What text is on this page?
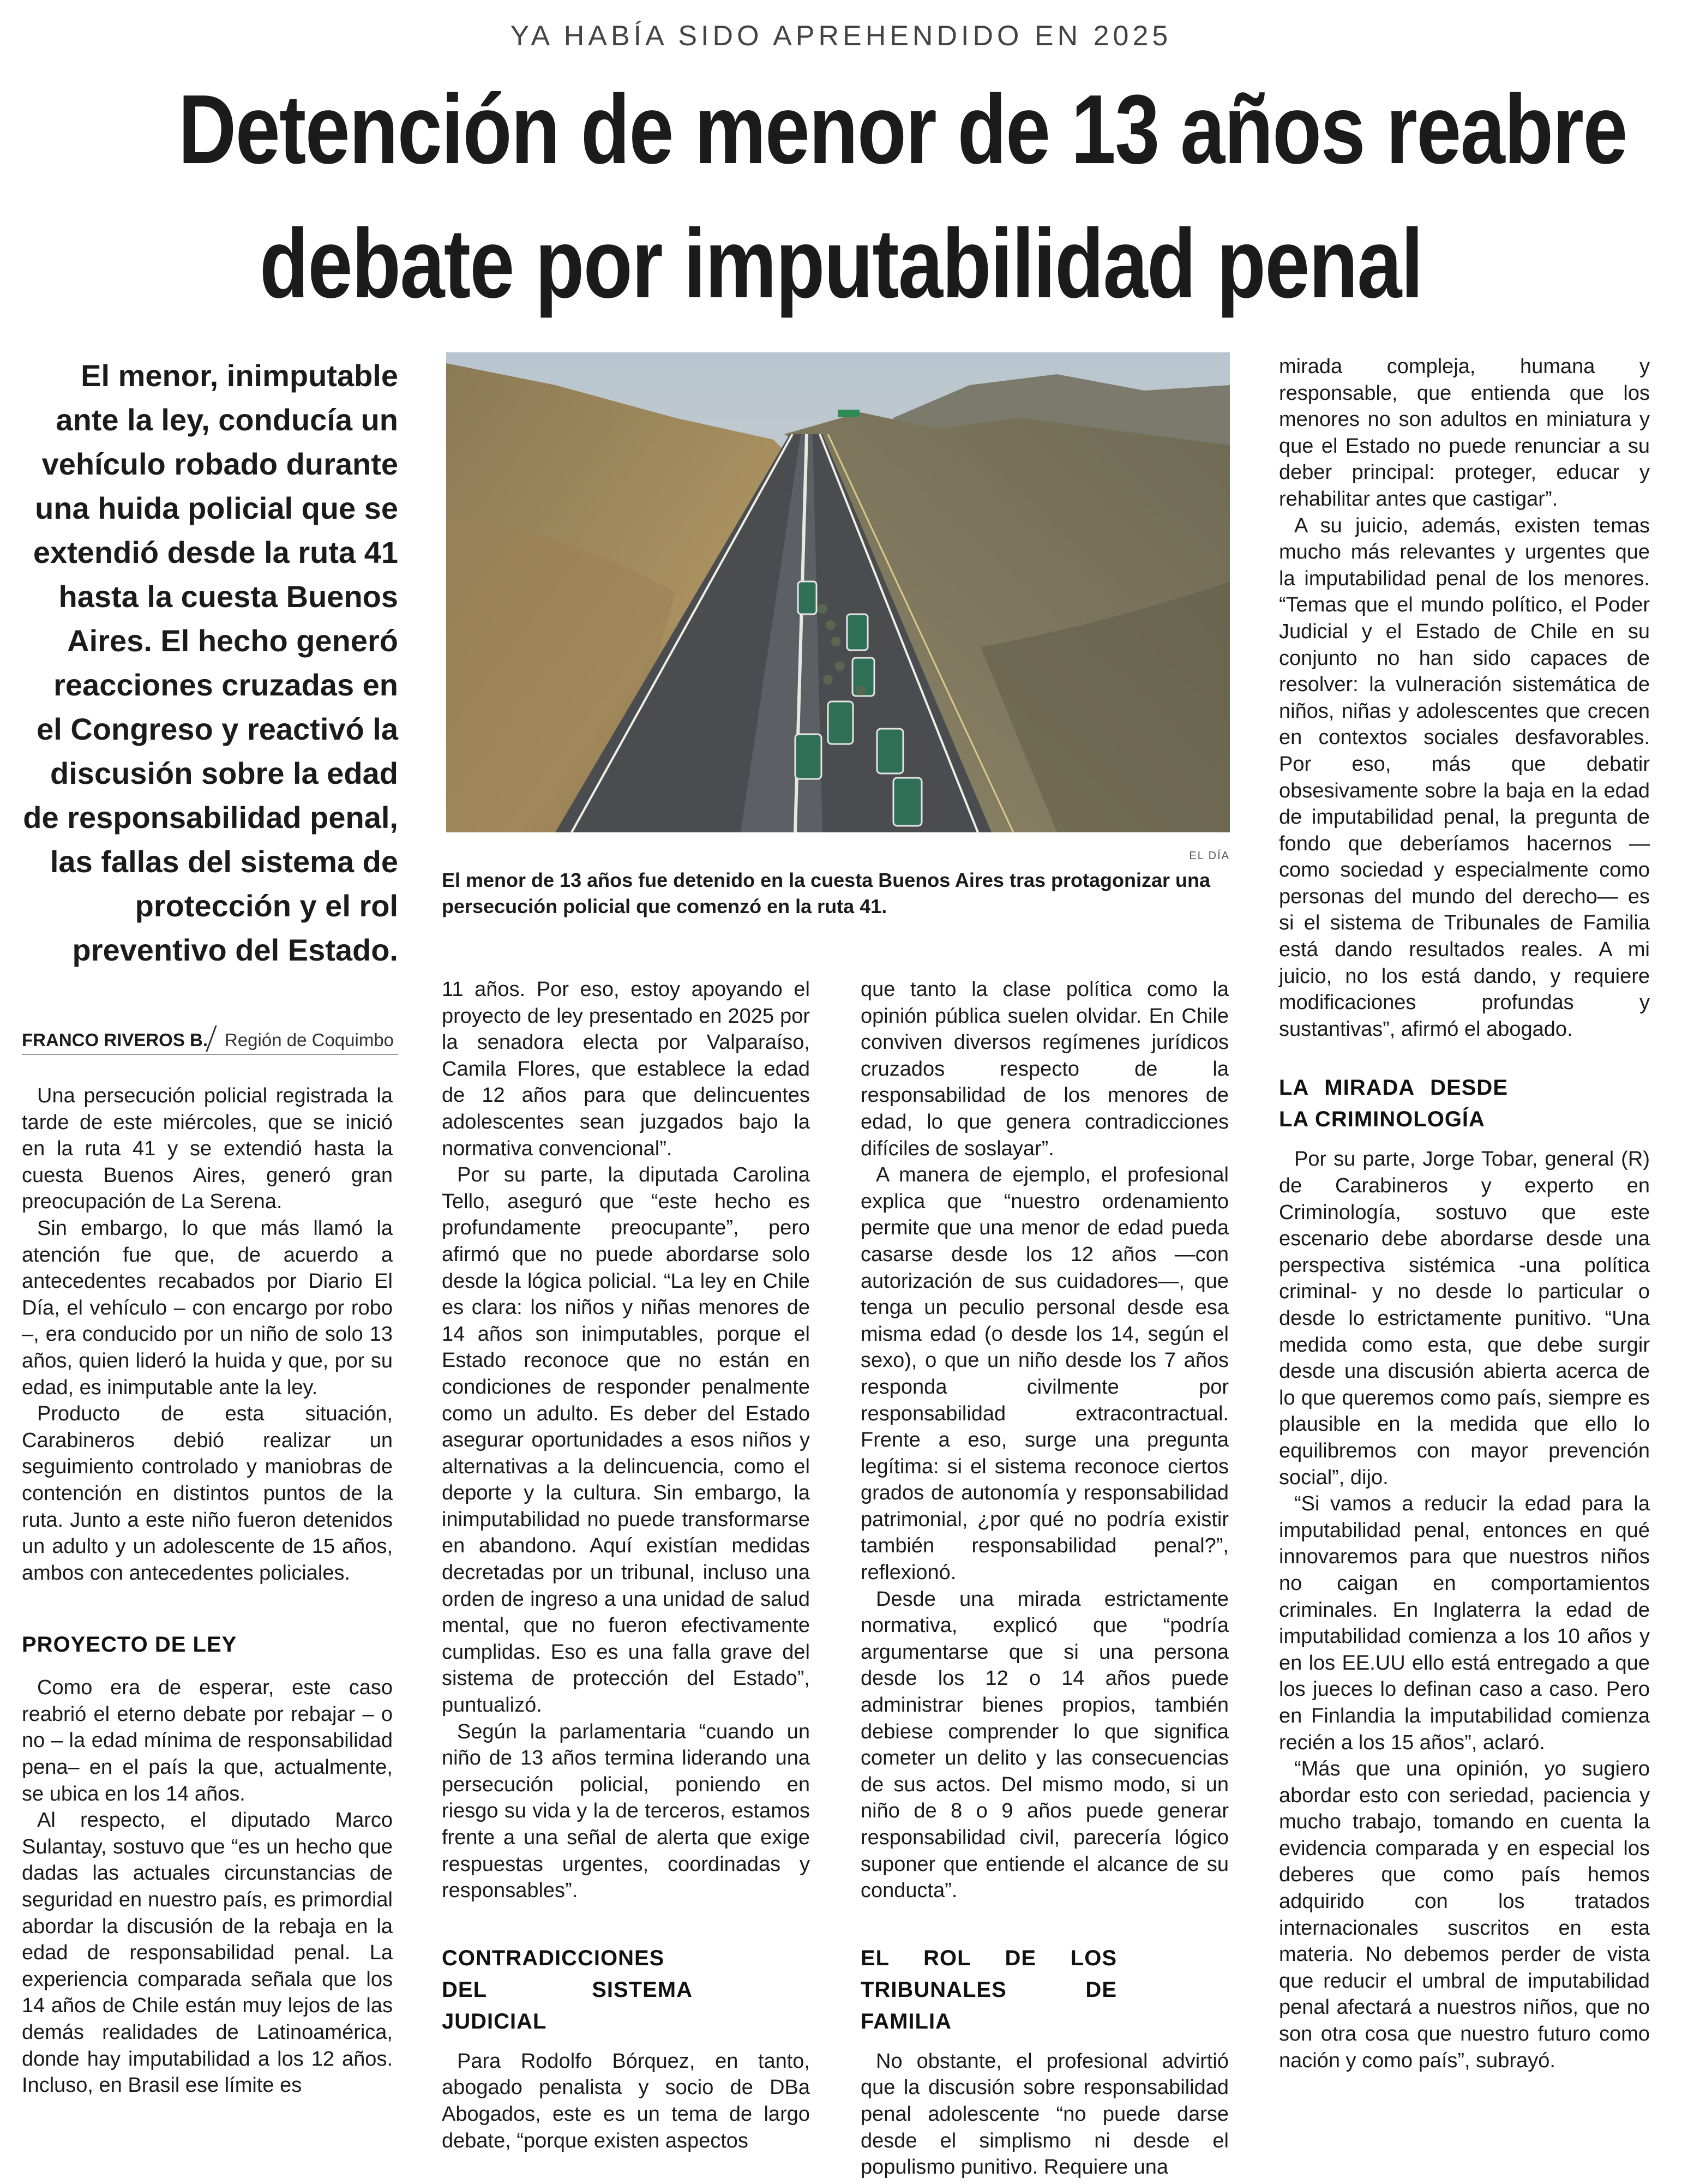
YA HABÍA SIDO APREHENDIDO EN 2025
Detención de menor de 13 años reabre
debate por imputabilidad penal
El menor, inimputable ante la ley, conducía un vehículo robado durante una huida policial que se extendió desde la ruta 41 hasta la cuesta Buenos Aires. El hecho generó reacciones cruzadas en el Congreso y reactivó la discusión sobre la edad de responsabilidad penal, las fallas del sistema de protección y el rol preventivo del Estado.
FRANCO RIVEROS B. Región de Coquimbo
EL DÍA
El menor de 13 años fue detenido en la cuesta Buenos Aires tras protagonizar una persecución policial que comenzó en la ruta 41.

Una persecución policial registrada la tarde de este miércoles, que se inició en la ruta 41 y se extendió hasta la cuesta Buenos Aires, generó gran preocupación de La Serena.

Sin embargo, lo que más llamó la atención fue que, de acuerdo a antecedentes recabados por Diario El Día, el vehículo – con encargo por robo –, era conducido por un niño de solo 13 años, quien lideró la huida y que, por su edad, es inimputable ante la ley.

Producto de esta situación, Carabineros debió realizar un seguimiento controlado y maniobras de contención en distintos puntos de la ruta. Junto a este niño fueron detenidos un adulto y un adolescente de 15 años, ambos con antecedentes policiales.

PROYECTO DE LEY

Como era de esperar, este caso reabrió el eterno debate por rebajar – o no – la edad mínima de responsabilidad pena– en el país la que, actualmente, se ubica en los 14 años.

Al respecto, el diputado Marco Sulantay, sostuvo que “es un hecho que dadas las actuales circunstancias de seguridad en nuestro país, es primordial abordar la discusión de la rebaja en la edad de responsabilidad penal. La experiencia comparada señala que los 14 años de Chile están muy lejos de las demás realidades de Latinoamérica, donde hay imputabilidad a los 12 años. Incluso, en Brasil ese límite es

11 años. Por eso, estoy apoyando el proyecto de ley presentado en 2025 por la senadora electa por Valparaíso, Camila Flores, que establece la edad de 12 años para que delincuentes adolescentes sean juzgados bajo la normativa convencional”.

Por su parte, la diputada Carolina Tello, aseguró que “este hecho es profundamente preocupante”, pero afirmó que no puede abordarse solo desde la lógica policial. “La ley en Chile es clara: los niños y niñas menores de 14 años son inimputables, porque el Estado reconoce que no están en condiciones de responder penalmente como un adulto. Es deber del Estado asegurar oportunidades a esos niños y alternativas a la delincuencia, como el deporte y la cultura. Sin embargo, la inimputabilidad no puede transformarse en abandono. Aquí existían medidas decretadas por un tribunal, incluso una orden de ingreso a una unidad de salud mental, que no fueron efectivamente cumplidas. Eso es una falla grave del sistema de protección del Estado”, puntualizó.

Según la parlamentaria “cuando un niño de 13 años termina liderando una persecución policial, poniendo en riesgo su vida y la de terceros, estamos frente a una señal de alerta que exige respuestas urgentes, coordinadas y responsables”.

CONTRADICCIONES DEL SISTEMA JUDICIAL

Para Rodolfo Bórquez, en tanto, abogado penalista y socio de DBa Abogados, este es un tema de largo debate, “porque existen aspectos

que tanto la clase política como la opinión pública suelen olvidar. En Chile conviven diversos regímenes jurídicos cruzados respecto de la responsabilidad de los menores de edad, lo que genera contradicciones difíciles de soslayar”.

A manera de ejemplo, el profesional explica que “nuestro ordenamiento permite que una menor de edad pueda casarse desde los 12 años —con autorización de sus cuidadores—, que tenga un peculio personal desde esa misma edad (o desde los 14, según el sexo), o que un niño desde los 7 años responda civilmente por responsabilidad extracontractual. Frente a eso, surge una pregunta legítima: si el sistema reconoce ciertos grados de autonomía y responsabilidad patrimonial, ¿por qué no podría existir también responsabilidad penal?”, reflexionó.

Desde una mirada estrictamente normativa, explicó que “podría argumentarse que si una persona desde los 12 o 14 años puede administrar bienes propios, también debiese comprender lo que significa cometer un delito y las consecuencias de sus actos. Del mismo modo, si un niño de 8 o 9 años puede generar responsabilidad civil, parecería lógico suponer que entiende el alcance de su conducta”.

EL ROL DE LOS TRIBUNALES DE FAMILIA

No obstante, el profesional advirtió que la discusión sobre responsabilidad penal adolescente “no puede darse desde el simplismo ni desde el populismo punitivo. Requiere una

mirada compleja, humana y responsable, que entienda que los menores no son adultos en miniatura y que el Estado no puede renunciar a su deber principal: proteger, educar y rehabilitar antes que castigar”.

A su juicio, además, existen temas mucho más relevantes y urgentes que la imputabilidad penal de los menores. “Temas que el mundo político, el Poder Judicial y el Estado de Chile en su conjunto no han sido capaces de resolver: la vulneración sistemática de niños, niñas y adolescentes que crecen en contextos sociales desfavorables. Por eso, más que debatir obsesivamente sobre la baja en la edad de imputabilidad penal, la pregunta de fondo que deberíamos hacernos —como sociedad y especialmente como personas del mundo del derecho— es si el sistema de Tribunales de Familia está dando resultados reales. A mi juicio, no los está dando, y requiere modificaciones profundas y sustantivas”, afirmó el abogado.

LA MIRADA DESDE LA CRIMINOLOGÍA

Por su parte, Jorge Tobar, general (R) de Carabineros y experto en Criminología, sostuvo que este escenario debe abordarse desde una perspectiva sistémica -una política criminal- y no desde lo particular o desde lo estrictamente punitivo. “Una medida como esta, que debe surgir desde una discusión abierta acerca de lo que queremos como país, siempre es plausible en la medida que ello lo equilibremos con mayor prevención social”, dijo.

“Si vamos a reducir la edad para la imputabilidad penal, entonces en qué innovaremos para que nuestros niños no caigan en comportamientos criminales. En Inglaterra la edad de imputabilidad comienza a los 10 años y en los EE.UU ello está entregado a que los jueces lo definan caso a caso. Pero en Finlandia la imputabilidad comienza recién a los 15 años”, aclaró.

“Más que una opinión, yo sugiero abordar esto con seriedad, paciencia y mucho trabajo, tomando en cuenta la evidencia comparada y en especial los deberes que como país hemos adquirido con los tratados internacionales suscritos en esta materia. No debemos perder de vista que reducir el umbral de imputabilidad penal afectará a nuestros niños, que no son otra cosa que nuestro futuro como nación y como país”, subrayó.
